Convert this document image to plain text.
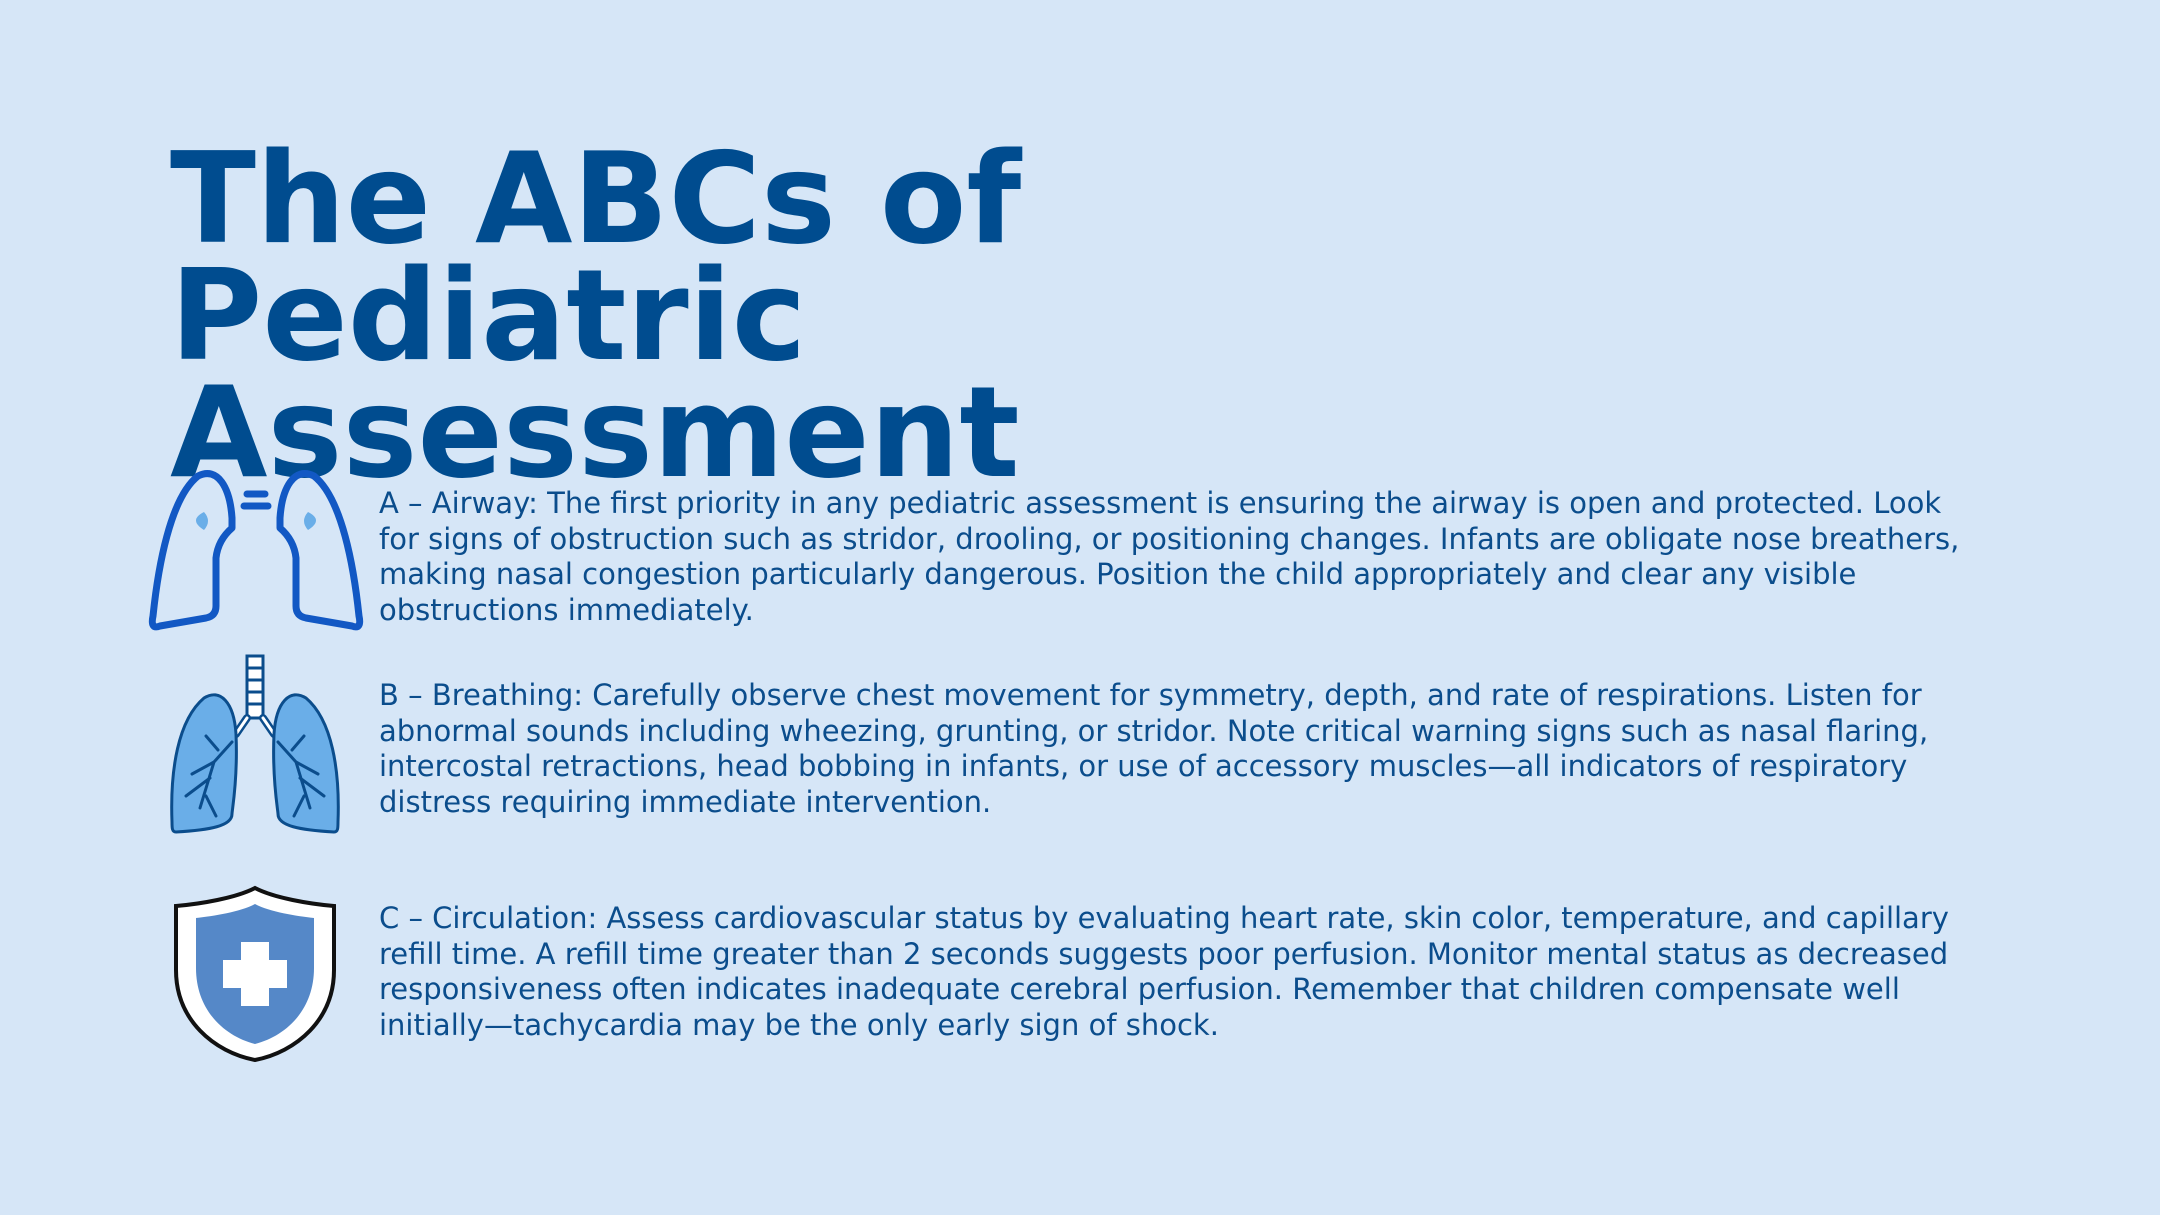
The ABCs of Pediatric Assessment

A – Airway: The first priority in any pediatric assessment is ensuring the airway is open and protected. Look for signs of obstruction such as stridor, drooling, or positioning changes. Infants are obligate nose breathers, making nasal congestion particularly dangerous. Position the child appropriately and clear any visible obstructions immediately.

B – Breathing: Carefully observe chest movement for symmetry, depth, and rate of respirations. Listen for abnormal sounds including wheezing, grunting, or stridor. Note critical warning signs such as nasal flaring, intercostal retractions, head bobbing in infants, or use of accessory muscles—all indicators of respiratory distress requiring immediate intervention.

C – Circulation: Assess cardiovascular status by evaluating heart rate, skin color, temperature, and capillary refill time. A refill time greater than 2 seconds suggests poor perfusion. Monitor mental status as decreased responsiveness often indicates inadequate cerebral perfusion. Remember that children compensate well initially—tachycardia may be the only early sign of shock.
